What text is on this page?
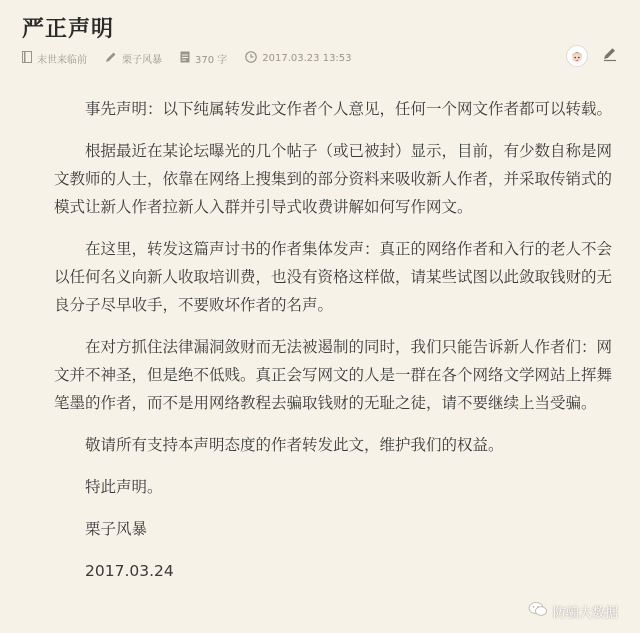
严正声明
末世来临前	栗子风暴	370 字	2017.03.23 13:53

事先声明：以下纯属转发此文作者个人意见，任何一个网文作者都可以转载。

根据最近在某论坛曝光的几个帖子（或已被封）显示，目前，有少数自称是网文教师的人士，依靠在网络上搜集到的部分资料来吸收新人作者，并采取传销式的模式让新人作者拉新人入群并引导式收费讲解如何写作网文。

在这里，转发这篇声讨书的作者集体发声：真正的网络作者和入行的老人不会以任何名义向新人收取培训费，也没有资格这样做，请某些试图以此敛取钱财的无良分子尽早收手，不要败坏作者的名声。

在对方抓住法律漏洞敛财而无法被遏制的同时，我们只能告诉新人作者们：网文并不神圣，但是绝不低贱。真正会写网文的人是一群在各个网络文学网站上挥舞笔墨的作者，而不是用网络教程去骗取钱财的无耻之徒，请不要继续上当受骗。

敬请所有支持本声明态度的作者转发此文，维护我们的权益。

特此声明。

栗子风暴

2017.03.24

防骗大数据
